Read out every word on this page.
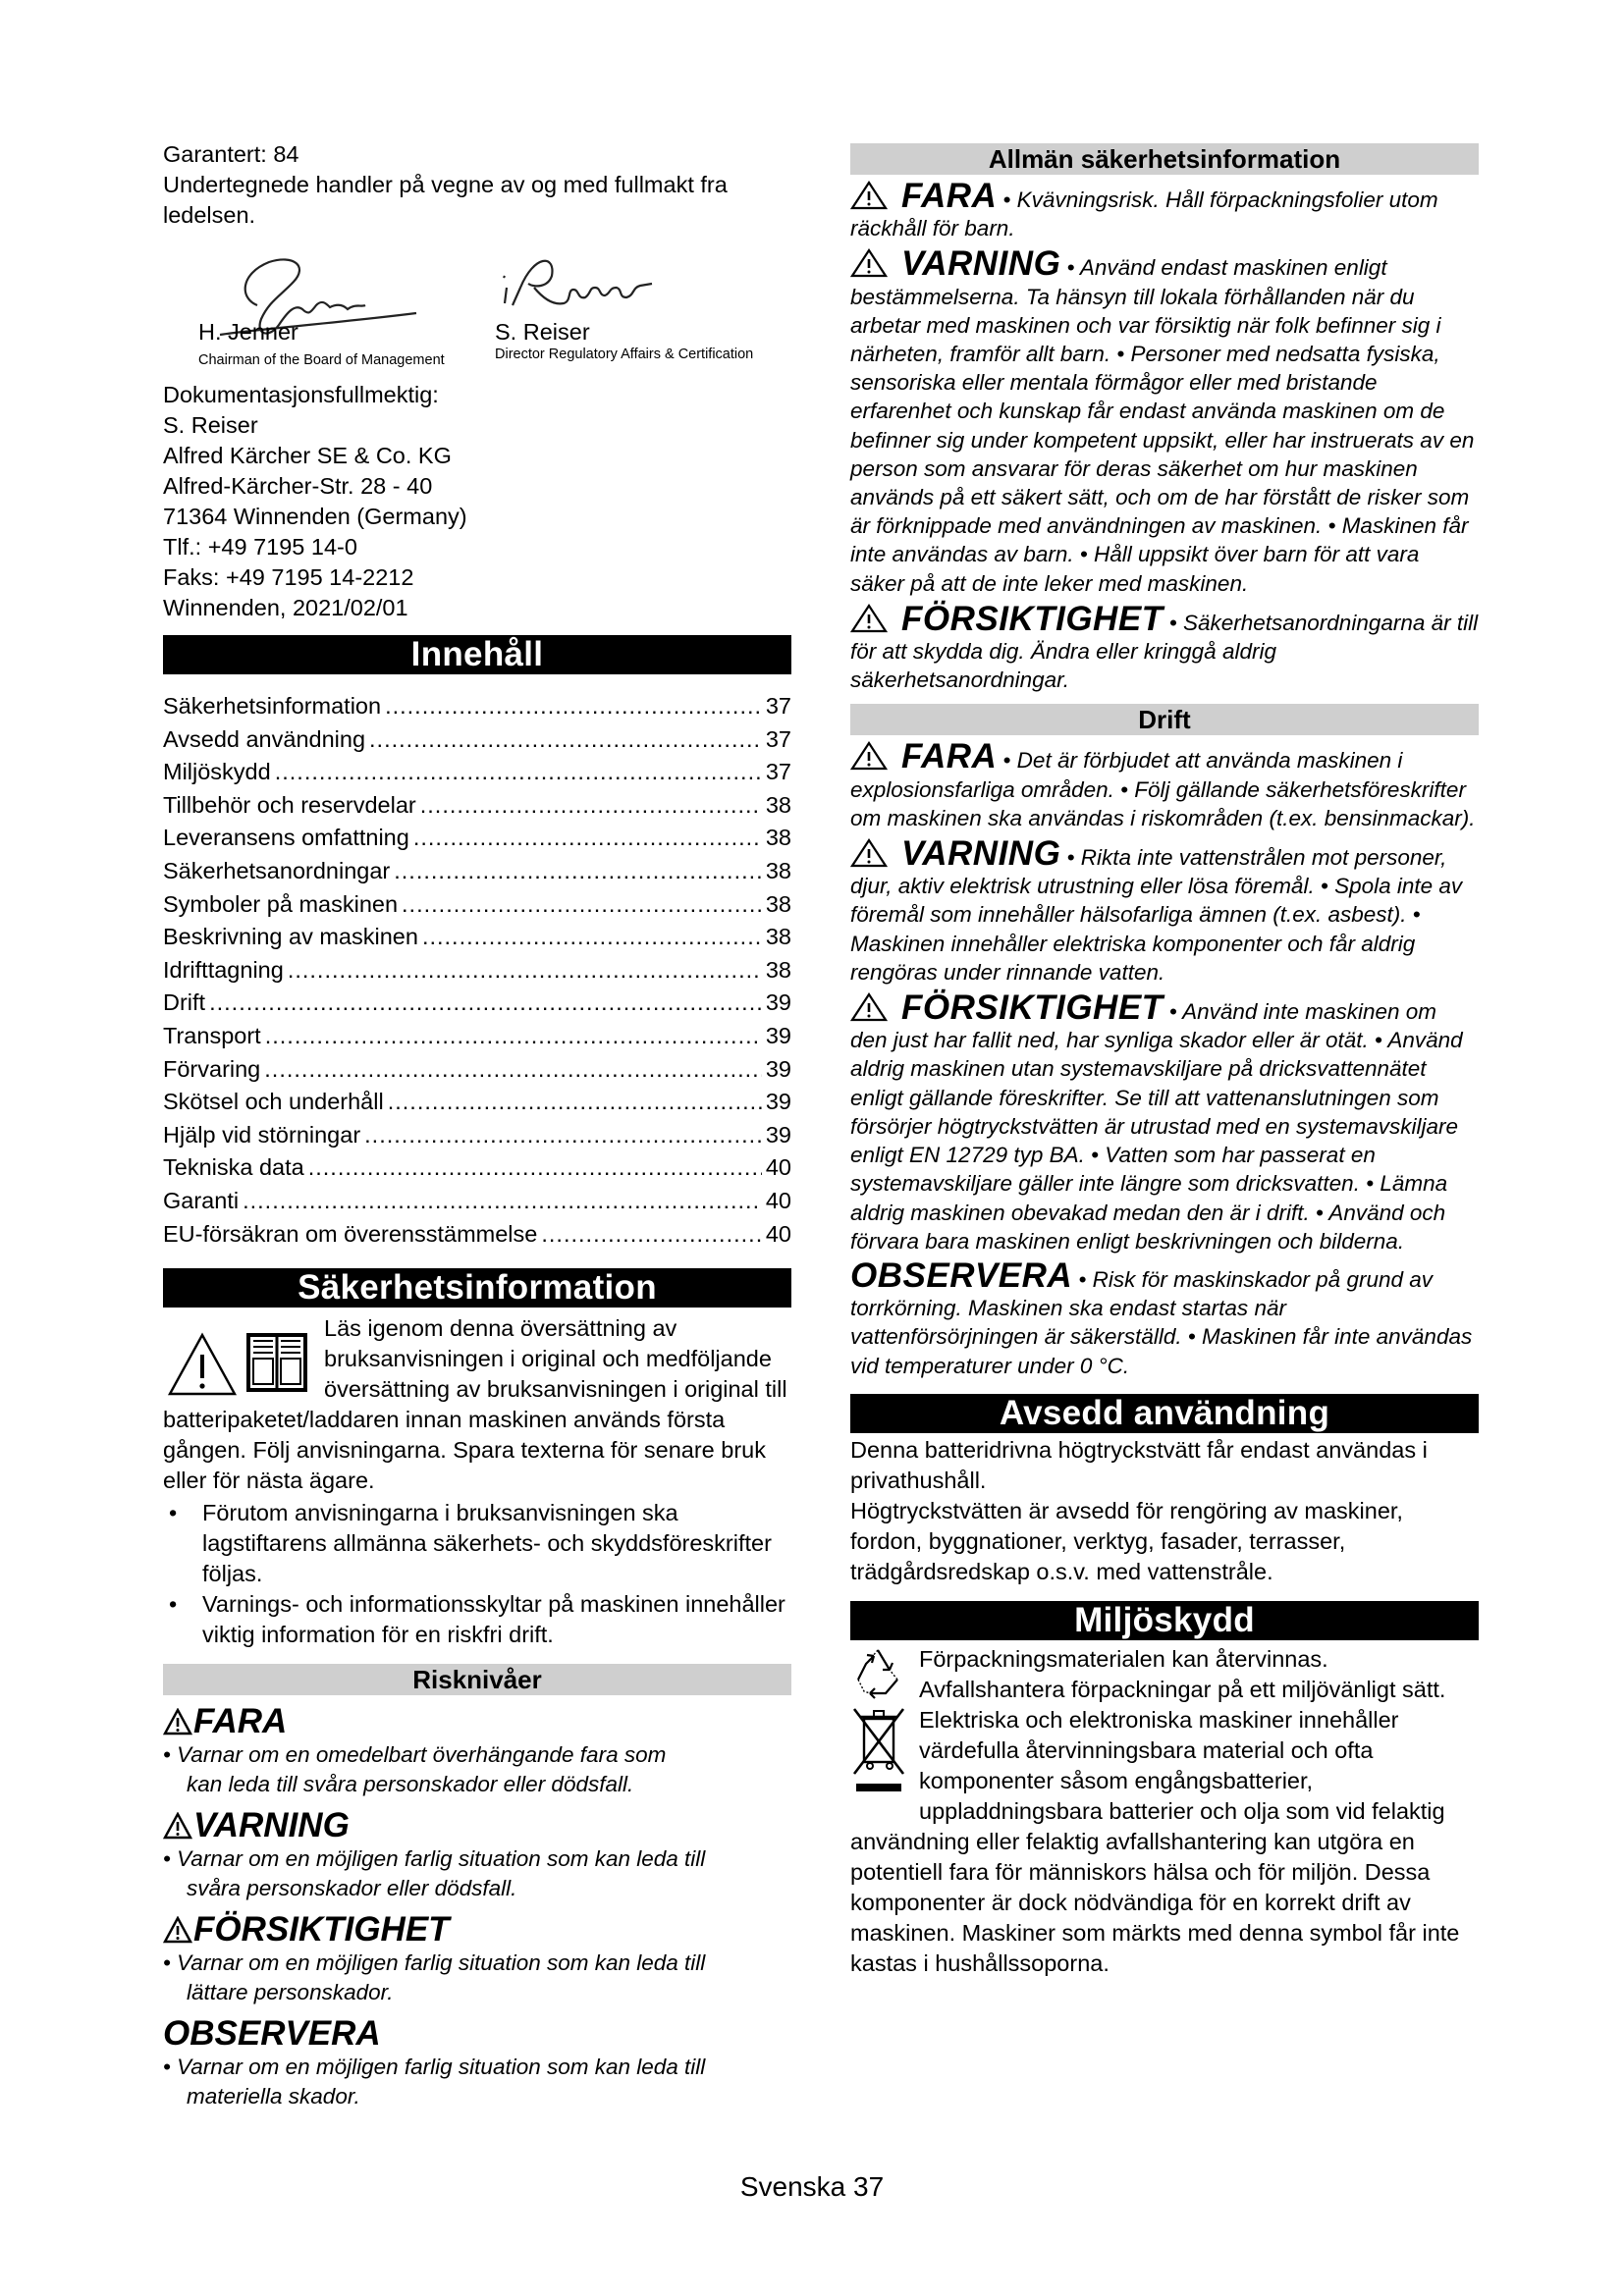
Garantert: 84

Undertegnede handler på vegne av og med fullmakt fra ledelsen.

H. Jenner
Chairman of the Board of Management
S. Reiser
Director Regulatory Affairs & Certification

Dokumentasjonsfullmektig:

S. Reiser

Alfred Kärcher SE & Co. KG

Alfred-Kärcher-Str. 28 - 40

71364 Winnenden (Germany)

Tlf.: +49 7195 14-0

Faks: +49 7195 14-2212

Winnenden, 2021/02/01

Innehåll
Säkerhetsinformation .....	37
Avsedd användning .....	37
Miljöskydd .....	37
Tillbehör och reservdelar .....	38
Leveransens omfattning .....	38
Säkerhetsanordningar .....	38
Symboler på maskinen .....	38
Beskrivning av maskinen .....	38
Idrifttagning .....	38
Drift .....	39
Transport .....	39
Förvaring .....	39
Skötsel och underhåll .....	39
Hjälp vid störningar .....	39
Tekniska data .....	40
Garanti .....	40
EU-försäkran om överensstämmelse .....	40
Säkerhetsinformation

Läs igenom denna översättning av bruksanvisningen i original och medföljande översättning av bruksanvisningen i original till batteripaketet/laddaren innan maskinen används första gången. Följ anvisningarna. Spara texterna för senare bruk eller för nästa ägare.

• Förutom anvisningarna i bruksanvisningen ska lagstiftarens allmänna säkerhets- och skyddsföreskrifter följas.
• Varnings- och informationsskyltar på maskinen innehåller viktig information för en riskfri drift.
Risknivåer
FARA
• Varnar om en omedelbart överhängande fara som
kan leda till svåra personskador eller dödsfall.
VARNING
• Varnar om en möjligen farlig situation som kan leda till
svåra personskador eller dödsfall.
FÖRSIKTIGHET
• Varnar om en möjligen farlig situation som kan leda till
lättare personskador.
OBSERVERA
• Varnar om en möjligen farlig situation som kan leda till
materiella skador.
Allmän säkerhetsinformation

FARA • Kvävningsrisk. Håll förpackningsfolier utom räckhåll för barn.

VARNING • Använd endast maskinen enligt bestämmelserna. Ta hänsyn till lokala förhållanden när du arbetar med maskinen och var försiktig när folk befinner sig i närheten, framför allt barn. • Personer med nedsatta fysiska, sensoriska eller mentala förmågor eller med bristande erfarenhet och kunskap får endast använda maskinen om de befinner sig under kompetent uppsikt, eller har instruerats av en person som ansvarar för deras säkerhet om hur maskinen används på ett säkert sätt, och om de har förstått de risker som är förknippade med användningen av maskinen. • Maskinen får inte användas av barn. • Håll uppsikt över barn för att vara säker på att de inte leker med maskinen.

FÖRSIKTIGHET • Säkerhetsanordningarna är till för att skydda dig. Ändra eller kringgå aldrig säkerhetsanordningar.

Drift

FARA • Det är förbjudet att använda maskinen i explosionsfarliga områden. • Följ gällande säkerhetsföreskrifter om maskinen ska användas i riskområden (t.ex. bensinmackar).

VARNING • Rikta inte vattenstrålen mot personer, djur, aktiv elektrisk utrustning eller lösa föremål. • Spola inte av föremål som innehåller hälsofarliga ämnen (t.ex. asbest). • Maskinen innehåller elektriska komponenter och får aldrig rengöras under rinnande vatten.

FÖRSIKTIGHET • Använd inte maskinen om den just har fallit ned, har synliga skador eller är otät. • Använd aldrig maskinen utan systemavskiljare på dricksvattennätet enligt gällande föreskrifter. Se till att vattenanslutningen som försörjer högtryckstvätten är utrustad med en systemavskiljare enligt EN 12729 typ BA. • Vatten som har passerat en systemavskiljare gäller inte längre som dricksvatten. • Lämna aldrig maskinen obevakad medan den är i drift. • Använd och förvara bara maskinen enligt beskrivningen och bilderna.

OBSERVERA • Risk för maskinskador på grund av torrkörning. Maskinen ska endast startas när vattenförsörjningen är säkerställd. • Maskinen får inte användas vid temperaturer under 0 °C.

Avsedd användning

Denna batteridrivna högtryckstvätt får endast användas i privathushåll.

Högtryckstvätten är avsedd för rengöring av maskiner, fordon, byggnationer, verktyg, fasader, terrasser, trädgårdsredskap o.s.v. med vattenstråle.

Miljöskydd

Förpackningsmaterialen kan återvinnas. Avfallshantera förpackningar på ett miljövänligt sätt.

Elektriska och elektroniska maskiner innehåller värdefulla återvinningsbara material och ofta komponenter såsom engångsbatterier, uppladdningsbara batterier och olja som vid felaktig användning eller felaktig avfallshantering kan utgöra en potentiell fara för människors hälsa och för miljön. Dessa komponenter är dock nödvändiga för en korrekt drift av maskinen. Maskiner som märkts med denna symbol får inte kastas i hushållssoporna.

Svenska 37
